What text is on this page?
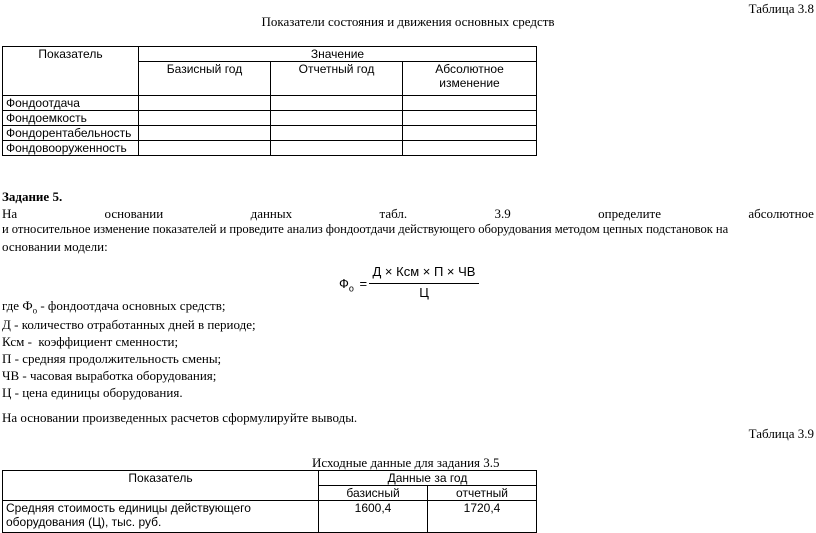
Таблица 3.8
Показатели состояния и движения основных средств
Показатель	Значение		
	Базисный год	Отчетный год	Абсолютное
изменение
Фондоотдача			
Фондоемкость			
Фондорентабельность			
Фондовооруженность			
Задание 5.
На	основании	данных	табл.	3.9	определите	абсолютное
и относительное изменение показателей и проведите анализ фондоотдачи действующего оборудования методом цепных подстановок на
основании модели:
$Ф_о$ =
Д × Ксм × П × ЧВ
Ц
где $Ф_о$ - фондоотдача основных средств;
Д - количество отработанных дней в периоде;
Ксм -  коэффициент сменности;
П - средняя продолжительность смены;
ЧВ - часовая выработка оборудования;
Ц - цена единицы оборудования.
На основании произведенных расчетов сформулируйте выводы.
Таблица 3.9
Исходные данные для задания 3.5
Показатель	Данные за год	
	базисный	отчетный
Средняя стоимость единицы действующего
оборудования (Ц), тыс. руб.	1600,4	1720,4
